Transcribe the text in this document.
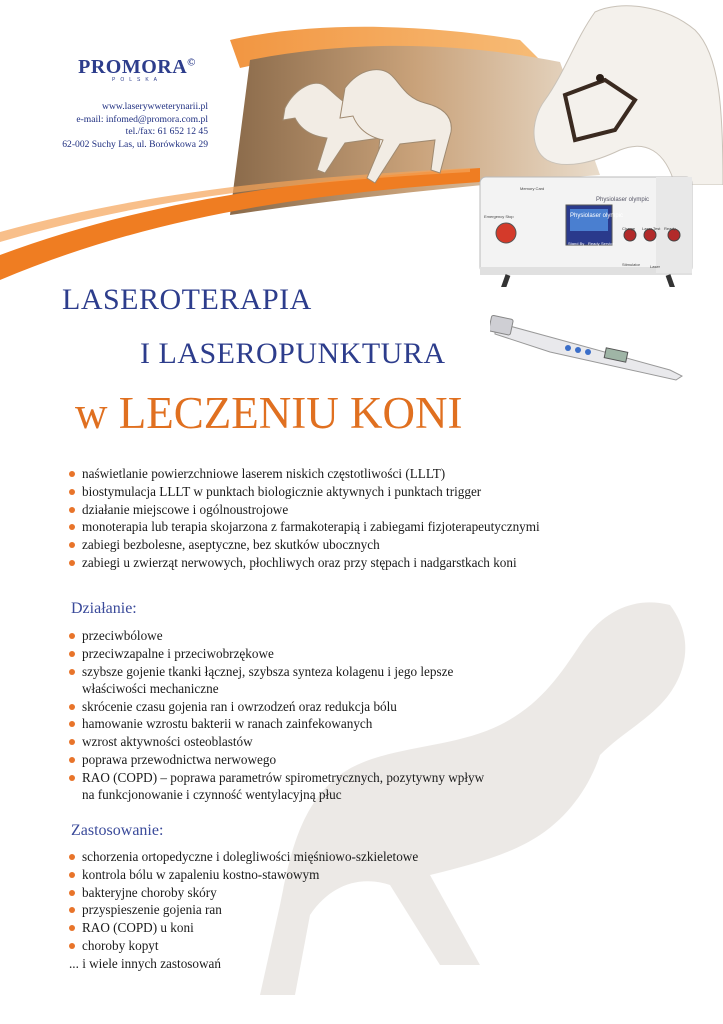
Physiolaser olympic
Physiolaser olympic
Stand By
PROMORA©
POLSKA
www.laserywweterynarii.pl
e-mail: infomed@promora.com.pl
tel./fax: 61 652 12 45
62-002 Suchy Las, ul. Borówkowa 29
LASEROTERAPIA
I LASEROPUNKTURA
w LECZENIU KONI
naświetlanie powierzchniowe laserem niskich częstotliwości (LLLT)
biostymulacja LLLT w punktach biologicznie aktywnych i punktach trigger
działanie miejscowe i ogólnoustrojowe
monoterapia lub terapia skojarzona z farmakoterapią i zabiegami fizjoterapeutycznymi
zabiegi bezbolesne, aseptyczne, bez skutków ubocznych
zabiegi u zwierząt nerwowych, płochliwych oraz przy stępach i nadgarstkach koni
Działanie:
przeciwbólowe
przeciwzapalne i przeciwobrzękowe
szybsze gojenie tkanki łącznej, szybsza synteza kolagenu i jego lepsze właściwości mechaniczne
skrócenie czasu gojenia ran i owrzodzeń oraz redukcja bólu
hamowanie wzrostu bakterii w ranach zainfekowanych
wzrost aktywności osteoblastów
poprawa przewodnictwa nerwowego
RAO (COPD) – poprawa parametrów spirometrycznych, pozytywny wpływ na funkcjonowanie i czynność wentylacyjną płuc
Zastosowanie:
schorzenia ortopedyczne i dolegliwości mięśniowo-szkieletowe
kontrola bólu w zapaleniu kostno-stawowym
bakteryjne choroby skóry
przyspieszenie gojenia ran
RAO (COPD) u koni
choroby kopyt
... i wiele innych zastosowań
Ready Service
Memory Card
Emergency Stop
Charge Laser Test Ready
Stimulator Laser
